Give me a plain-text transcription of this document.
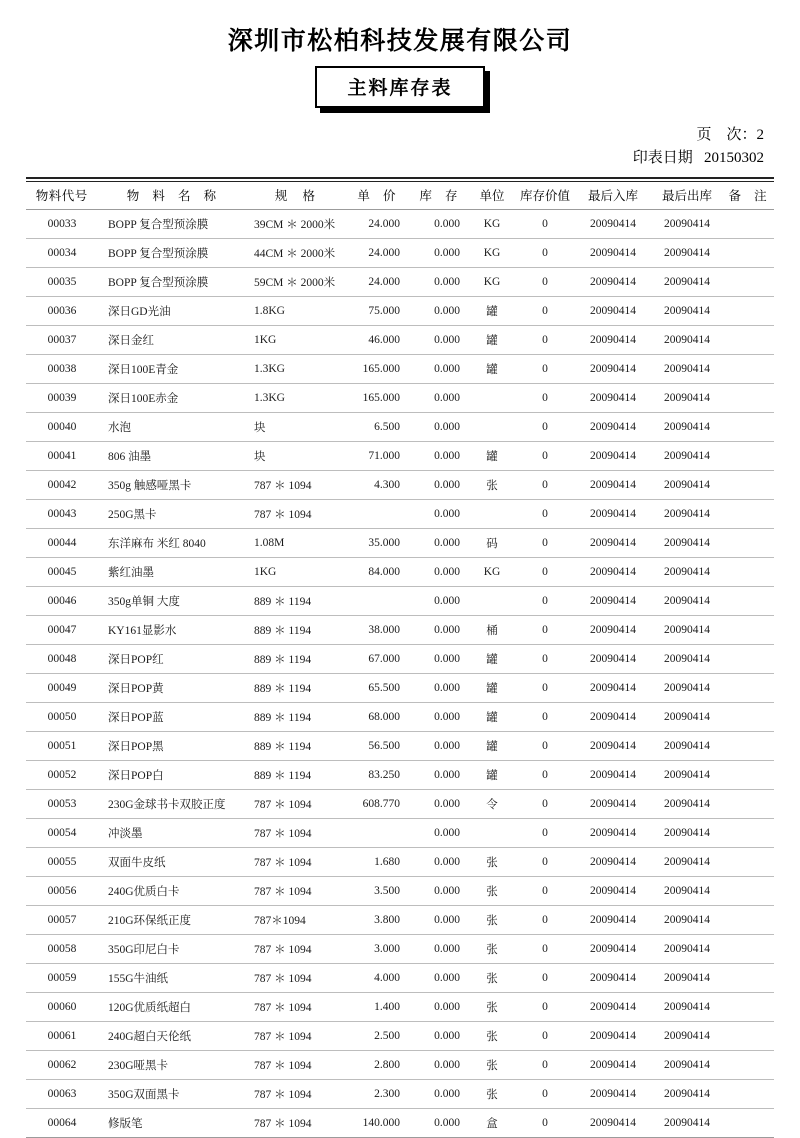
深圳市松柏科技发展有限公司
主料库存表
页    次：2
印表日期 20150302

物料代号	物 料 名 称	规 格	单 价	库 存	单位	库存价值	最后入库	最后出库	备 注
00033	BOPP 复合型预涂膜	39CM ＊ 2000米	24.000	0.000	KG	0	20090414	20090414	
00034	BOPP 复合型预涂膜	44CM ＊ 2000米	24.000	0.000	KG	0	20090414	20090414	
00035	BOPP 复合型预涂膜	59CM ＊ 2000米	24.000	0.000	KG	0	20090414	20090414	
00036	深日GD光油	1.8KG	75.000	0.000	罐	0	20090414	20090414	
00037	深日金红	1KG	46.000	0.000	罐	0	20090414	20090414	
00038	深日100E青金	1.3KG	165.000	0.000	罐	0	20090414	20090414	
00039	深日100E赤金	1.3KG	165.000	0.000		0	20090414	20090414	
00040	水泡	块	6.500	0.000		0	20090414	20090414	
00041	806 油墨	块	71.000	0.000	罐	0	20090414	20090414	
00042	350g 触感哑黑卡	787 ＊ 1094	4.300	0.000	张	0	20090414	20090414	
00043	250G黑卡	787 ＊ 1094		0.000		0	20090414	20090414	
00044	东洋麻布 米红 8040	1.08M	35.000	0.000	码	0	20090414	20090414	
00045	紫红油墨	1KG	84.000	0.000	KG	0	20090414	20090414	
00046	350g单铜 大度	889 ＊ 1194		0.000		0	20090414	20090414	
00047	KY161显影水	889 ＊ 1194	38.000	0.000	桶	0	20090414	20090414	
00048	深日POP红	889 ＊ 1194	67.000	0.000	罐	0	20090414	20090414	
00049	深日POP黄	889 ＊ 1194	65.500	0.000	罐	0	20090414	20090414	
00050	深日POP蓝	889 ＊ 1194	68.000	0.000	罐	0	20090414	20090414	
00051	深日POP黑	889 ＊ 1194	56.500	0.000	罐	0	20090414	20090414	
00052	深日POP白	889 ＊ 1194	83.250	0.000	罐	0	20090414	20090414	
00053	230G金球书卡双胶正度	787 ＊ 1094	608.770	0.000	令	0	20090414	20090414	
00054	冲淡墨	787 ＊ 1094		0.000		0	20090414	20090414	
00055	双面牛皮纸	787 ＊ 1094	1.680	0.000	张	0	20090414	20090414	
00056	240G优质白卡	787 ＊ 1094	3.500	0.000	张	0	20090414	20090414	
00057	210G环保纸正度	787＊1094	3.800	0.000	张	0	20090414	20090414	
00058	350G印尼白卡	787 ＊ 1094	3.000	0.000	张	0	20090414	20090414	
00059	155G牛油纸	787 ＊ 1094	4.000	0.000	张	0	20090414	20090414	
00060	120G优质纸超白	787 ＊ 1094	1.400	0.000	张	0	20090414	20090414	
00061	240G超白天伦纸	787 ＊ 1094	2.500	0.000	张	0	20090414	20090414	
00062	230G哑黑卡	787 ＊ 1094	2.800	0.000	张	0	20090414	20090414	
00063	350G双面黑卡	787 ＊ 1094	2.300	0.000	张	0	20090414	20090414	
00064	修版笔	787 ＊ 1094	140.000	0.000	盒	0	20090414	20090414	
